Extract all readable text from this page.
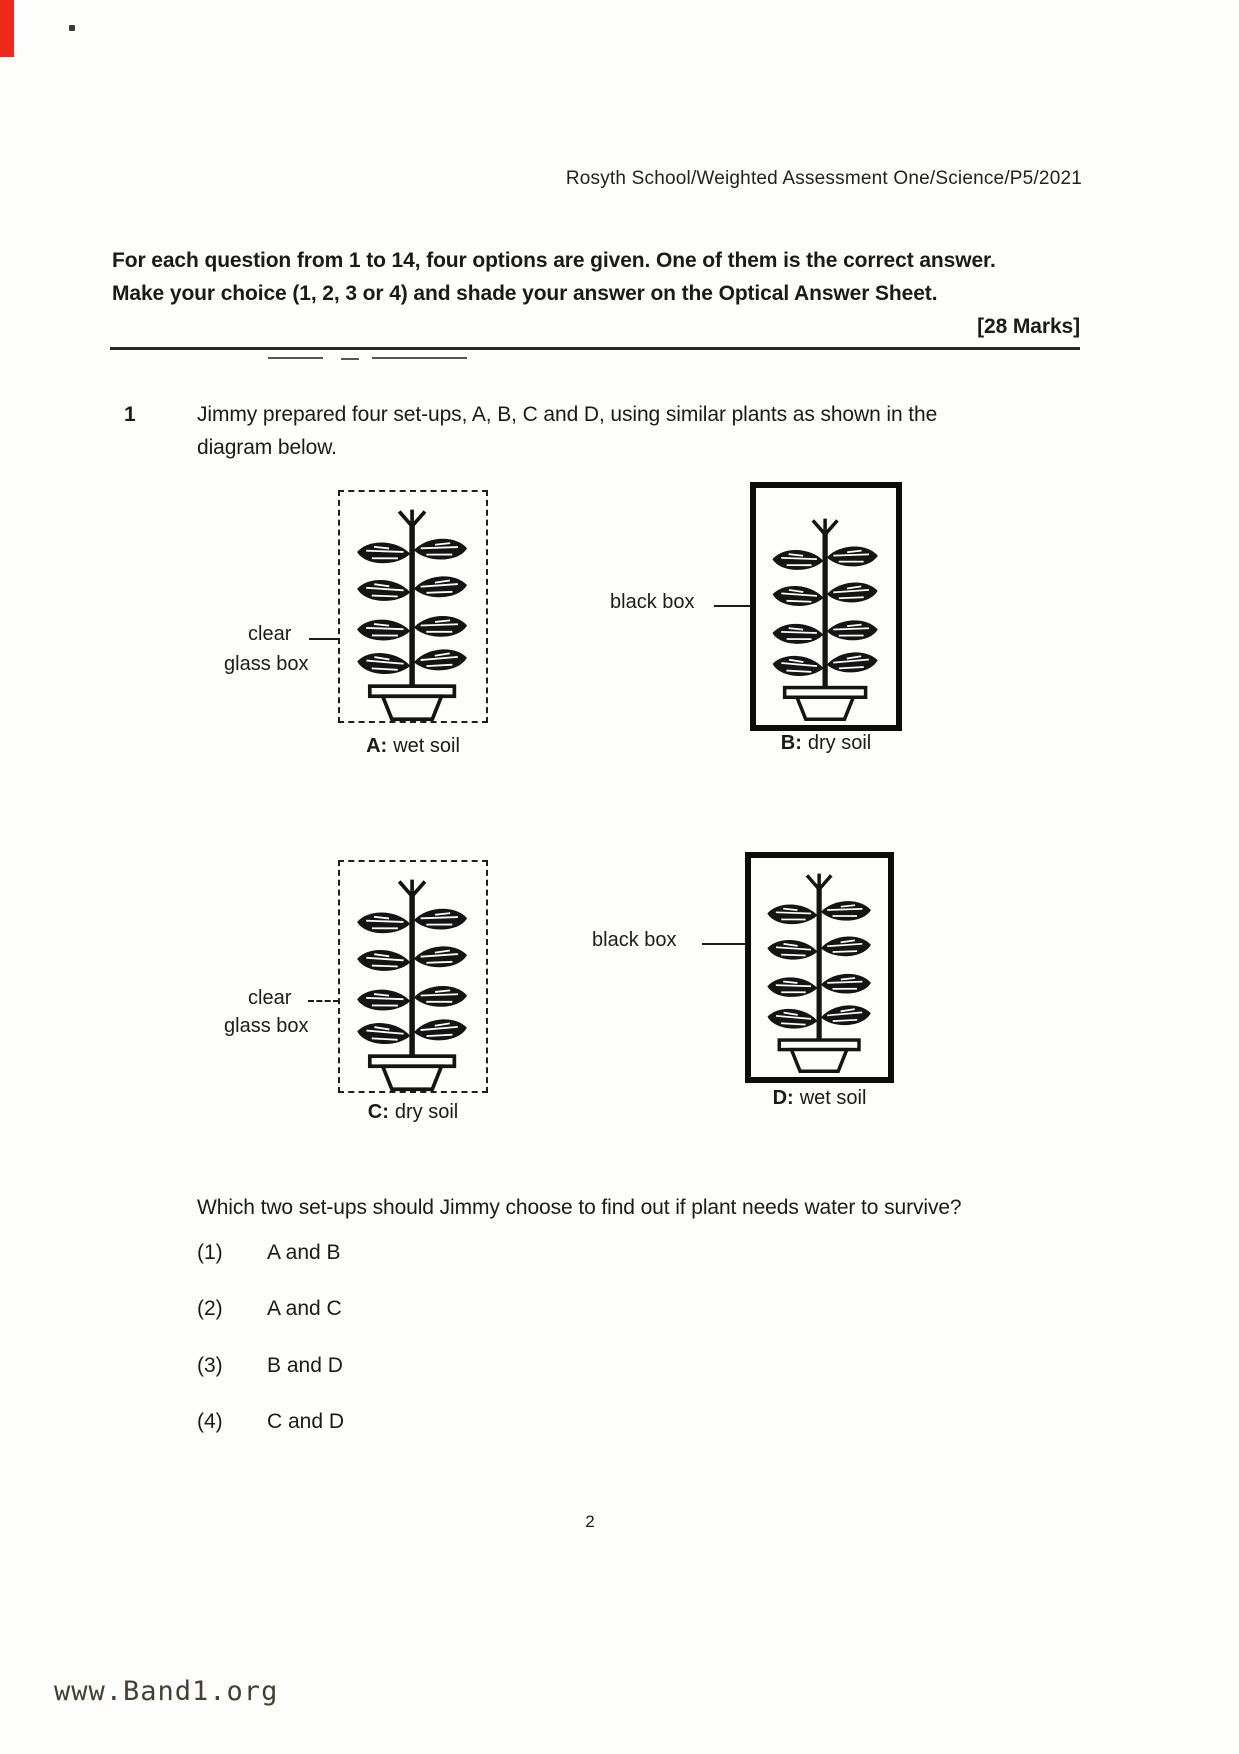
Rosyth School/Weighted Assessment One/Science/P5/2021
For each question from 1 to 14, four options are given. One of them is the correct answer.
Make your choice (1, 2, 3 or 4) and shade your answer on the Optical Answer Sheet.
[28 Marks]
1	Jimmy prepared four set-ups, A, B, C and D, using similar plants as shown in the
diagram below.
clear
glass box
black box
A: wet soil	B: dry soil
clear
glass box
black box
C: dry soil
D: wet soil
Which two set-ups should Jimmy choose to find out if plant needs water to survive?
(1) A and B
(2) A and C
(3) B and D
(4) C and D
2
www.Band1.org
